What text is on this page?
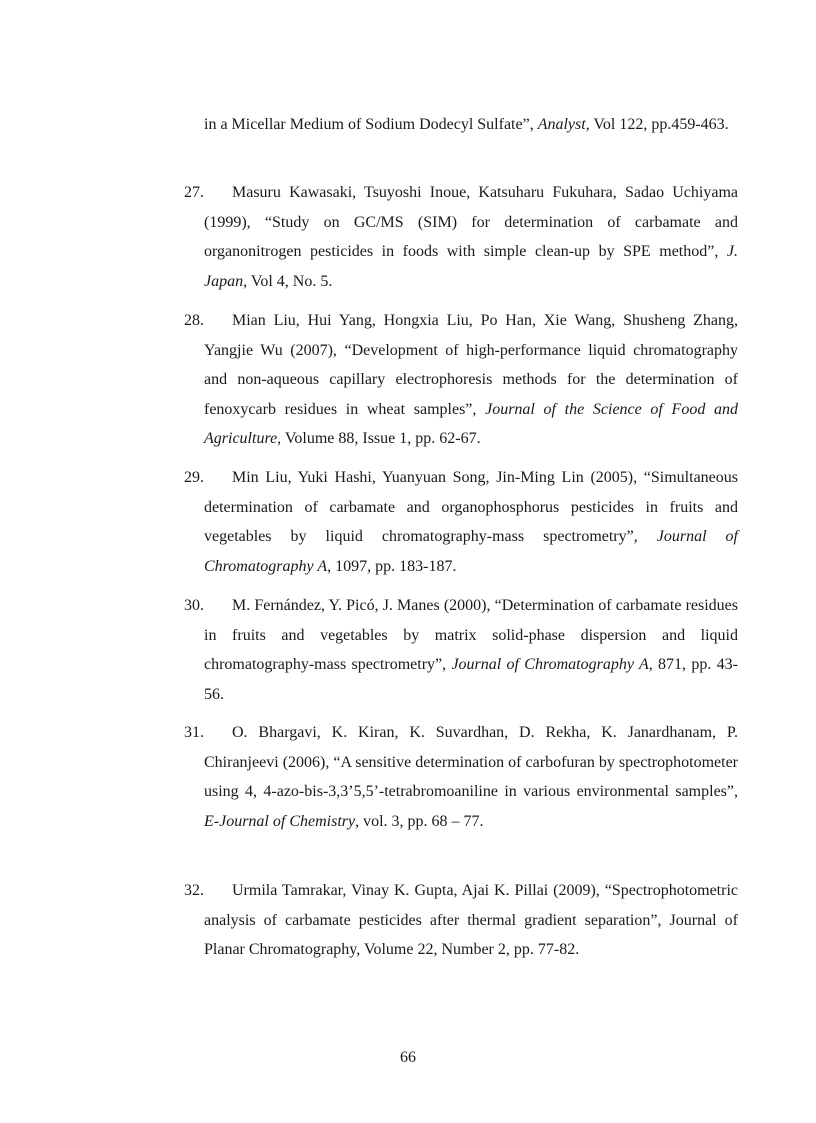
in a Micellar Medium of Sodium Dodecyl Sulfate”, Analyst, Vol 122, pp.459-463.
27.	Masuru Kawasaki, Tsuyoshi Inoue, Katsuharu Fukuhara, Sadao Uchiyama (1999), “Study on GC/MS (SIM) for determination of carbamate and organonitrogen pesticides in foods with simple clean-up by SPE method”, J. Japan, Vol 4, No. 5.
28.	Mian Liu, Hui Yang, Hongxia Liu, Po Han, Xie Wang, Shusheng Zhang, Yangjie Wu (2007), “Development of high-performance liquid chromatography and non-aqueous capillary electrophoresis methods for the determination of fenoxycarb residues in wheat samples”, Journal of the Science of Food and Agriculture, Volume 88, Issue 1, pp. 62-67.
29.	Min Liu, Yuki Hashi, Yuanyuan Song, Jin-Ming Lin (2005), “Simultaneous determination of carbamate and organophosphorus pesticides in fruits and vegetables by liquid chromatography-mass spectrometry”, Journal of Chromatography A, 1097, pp. 183-187.
30.	M. Fernández, Y. Picó, J. Manes (2000), “Determination of carbamate residues in fruits and vegetables by matrix solid-phase dispersion and liquid chromatography-mass spectrometry”, Journal of Chromatography A, 871, pp. 43-56.
31.	O. Bhargavi, K. Kiran, K. Suvardhan, D. Rekha, K. Janardhanam, P. Chiranjeevi (2006), “A sensitive determination of carbofuran by spectrophotometer using 4, 4-azo-bis-3,3’5,5’-tetrabromoaniline in various environmental samples”, E-Journal of Chemistry, vol. 3, pp. 68 – 77.
32.	Urmila Tamrakar, Vinay K. Gupta, Ajai K. Pillai (2009), “Spectrophotometric analysis of carbamate pesticides after thermal gradient separation”, Journal of Planar Chromatography, Volume 22, Number 2, pp. 77-82.
66
